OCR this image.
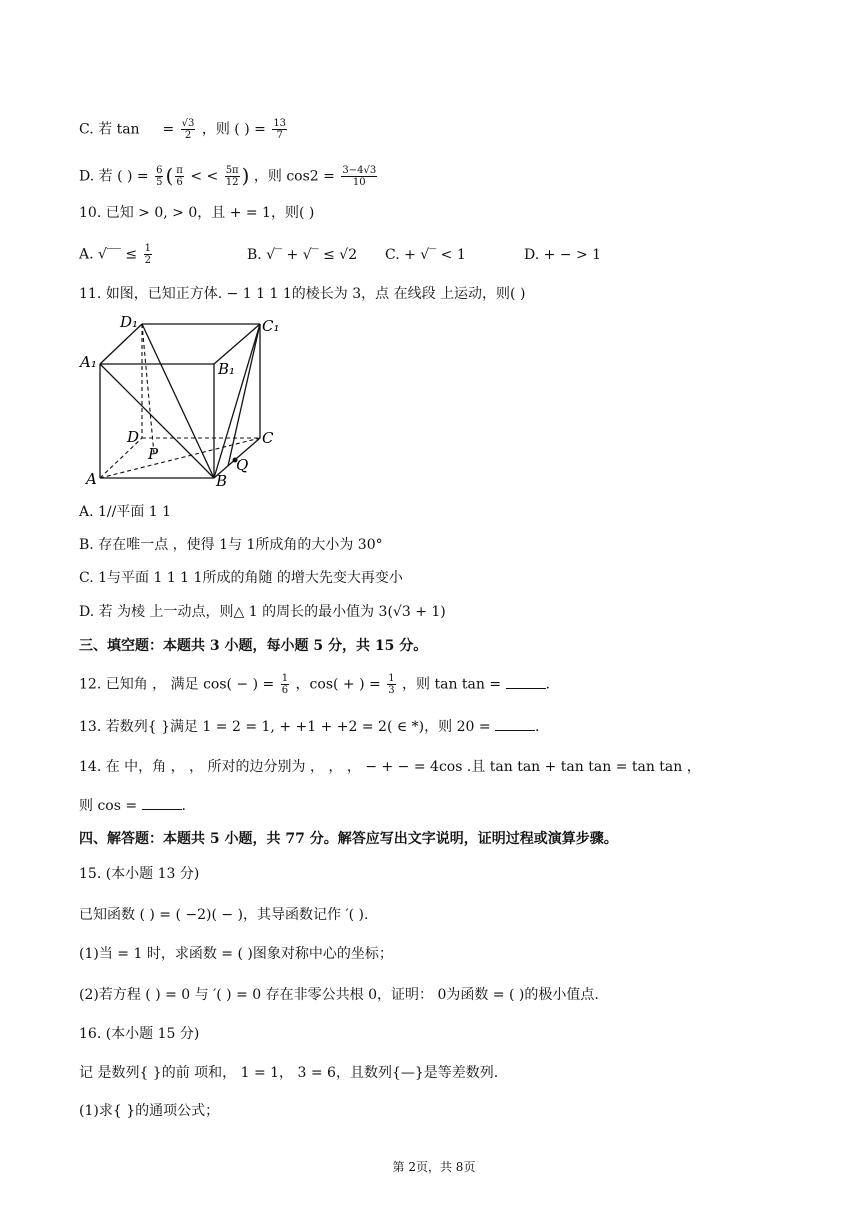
C. 若 $\tan = \frac{√3}{2}$ ，则 ( ) = $\frac{13}{7}$
D. 若 ( ) = $\frac{6}{5}$ ( $\frac{\pi}{6}$ < < $\frac{5\pi}{12}$ ) ，则 $\cos 2 = \frac{3-4√3}{10}$
10. 已知 > 0, > 0，且 + = 1，则( )
A. √‾‾ ≤ $\frac{1}{2}$	B. √‾ + √‾ ≤ √2 C. + √‾ < 1	D. + − > 1
11. 如图，已知正方体. − 1 1 1 1的棱长为 3，点 在线段 上运动，则( )
D₁	C₁
A₁	B₁
D	C
P
A	B
Q
A. 1//平面 1 1
B. 存在唯一点 ，使得 1与 1所成角的大小为 30°
C. 1与平面 1 1 1 1所成的角随 的增大先变大再变小
D. 若 为棱 上一动点，则△ 1 的周长的最小值为 3(√3 + 1)
三、填空题：本题共 3 小题，每小题 5 分，共 15 分。
12. 已知角 ， 满足 cos( − ) = $\frac{1}{6}$ ，cos( + ) = $\frac{1}{3}$ ，则 tan tan =	.
13. 若数列{ }满足 1 = 2 = 1, + +1 + +2 = 2( ∈ *)，则 20 =	.
14. 在 中，角 ， ， 所对的边分别为 ， ， ， − + − = 4cos .且 tan tan + tan tan = tan tan ，
则 cos =	.
四、解答题：本题共 5 小题，共 77 分。解答应写出文字说明，证明过程或演算步骤。
15. (本小题 13 分)
已知函数 ( ) = ( −2)( − )，其导函数记作 ′( ).
(1)当 = 1 时，求函数 = ( )图象对称中心的坐标；
(2)若方程 ( ) = 0 与 ′( ) = 0 存在非零公共根 0，证明： 0为函数 = ( )的极小值点.
16. (本小题 15 分)
记 是数列{ }的前 项和， 1 = 1， 3 = 6，且数列{—}是等差数列.
(1)求{ }的通项公式；
第 2页，共 8页
